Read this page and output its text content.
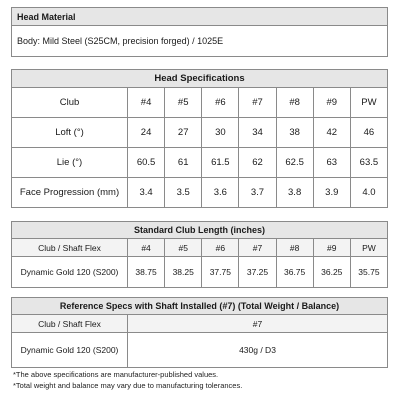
Head Material
Body: Mild Steel (S25CM, precision forged) / 1025E
Head Specifications							
Club	#4	#5	#6	#7	#8	#9	PW
Loft (°)	24	27	30	34	38	42	46
Lie (°)	60.5	61	61.5	62	62.5	63	63.5
Face Progression (mm)	3.4	3.5	3.6	3.7	3.8	3.9	4.0
Standard Club Length (inches)							
Club / Shaft Flex	#4	#5	#6	#7	#8	#9	PW
Dynamic Gold 120 (S200)	38.75	38.25	37.75	37.25	36.75	36.25	35.75
Reference Specs with Shaft Installed (#7) (Total Weight / Balance)	
Club / Shaft Flex	#7
Dynamic Gold 120 (S200)	430g / D3
*The above specifications are manufacturer-published values.
*Total weight and balance may vary due to manufacturing tolerances.
